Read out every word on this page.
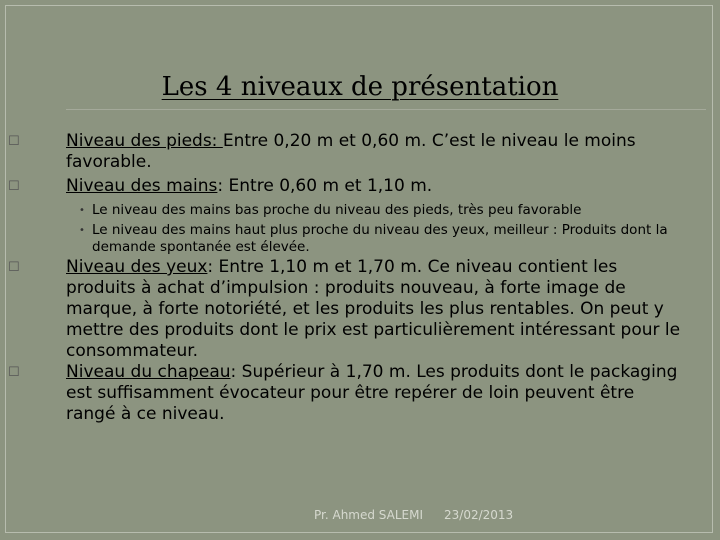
Les 4 niveaux de présentation
☐	Niveau des pieds: Entre 0,20 m et 0,60 m. C’est le niveau le moins favorable.
☐	Niveau des mains: Entre 0,60 m et 1,10 m.
• Le niveau des mains bas proche du niveau des pieds, très peu favorable
• Le niveau des mains haut plus proche du niveau des yeux, meilleur : Produits dont la demande spontanée est élevée.
☐	Niveau des yeux: Entre 1,10 m et 1,70 m. Ce niveau contient les produits à achat d’impulsion : produits nouveau, à forte image de marque, à forte notoriété, et les produits les plus rentables. On peut y mettre des produits dont le prix est particulièrement intéressant pour le consommateur.
☐	Niveau du chapeau: Supérieur à 1,70 m. Les produits dont le packaging est suffisamment évocateur pour être repérer de loin peuvent être rangé à ce niveau.
Pr. Ahmed SALEMI 23/02/2013
